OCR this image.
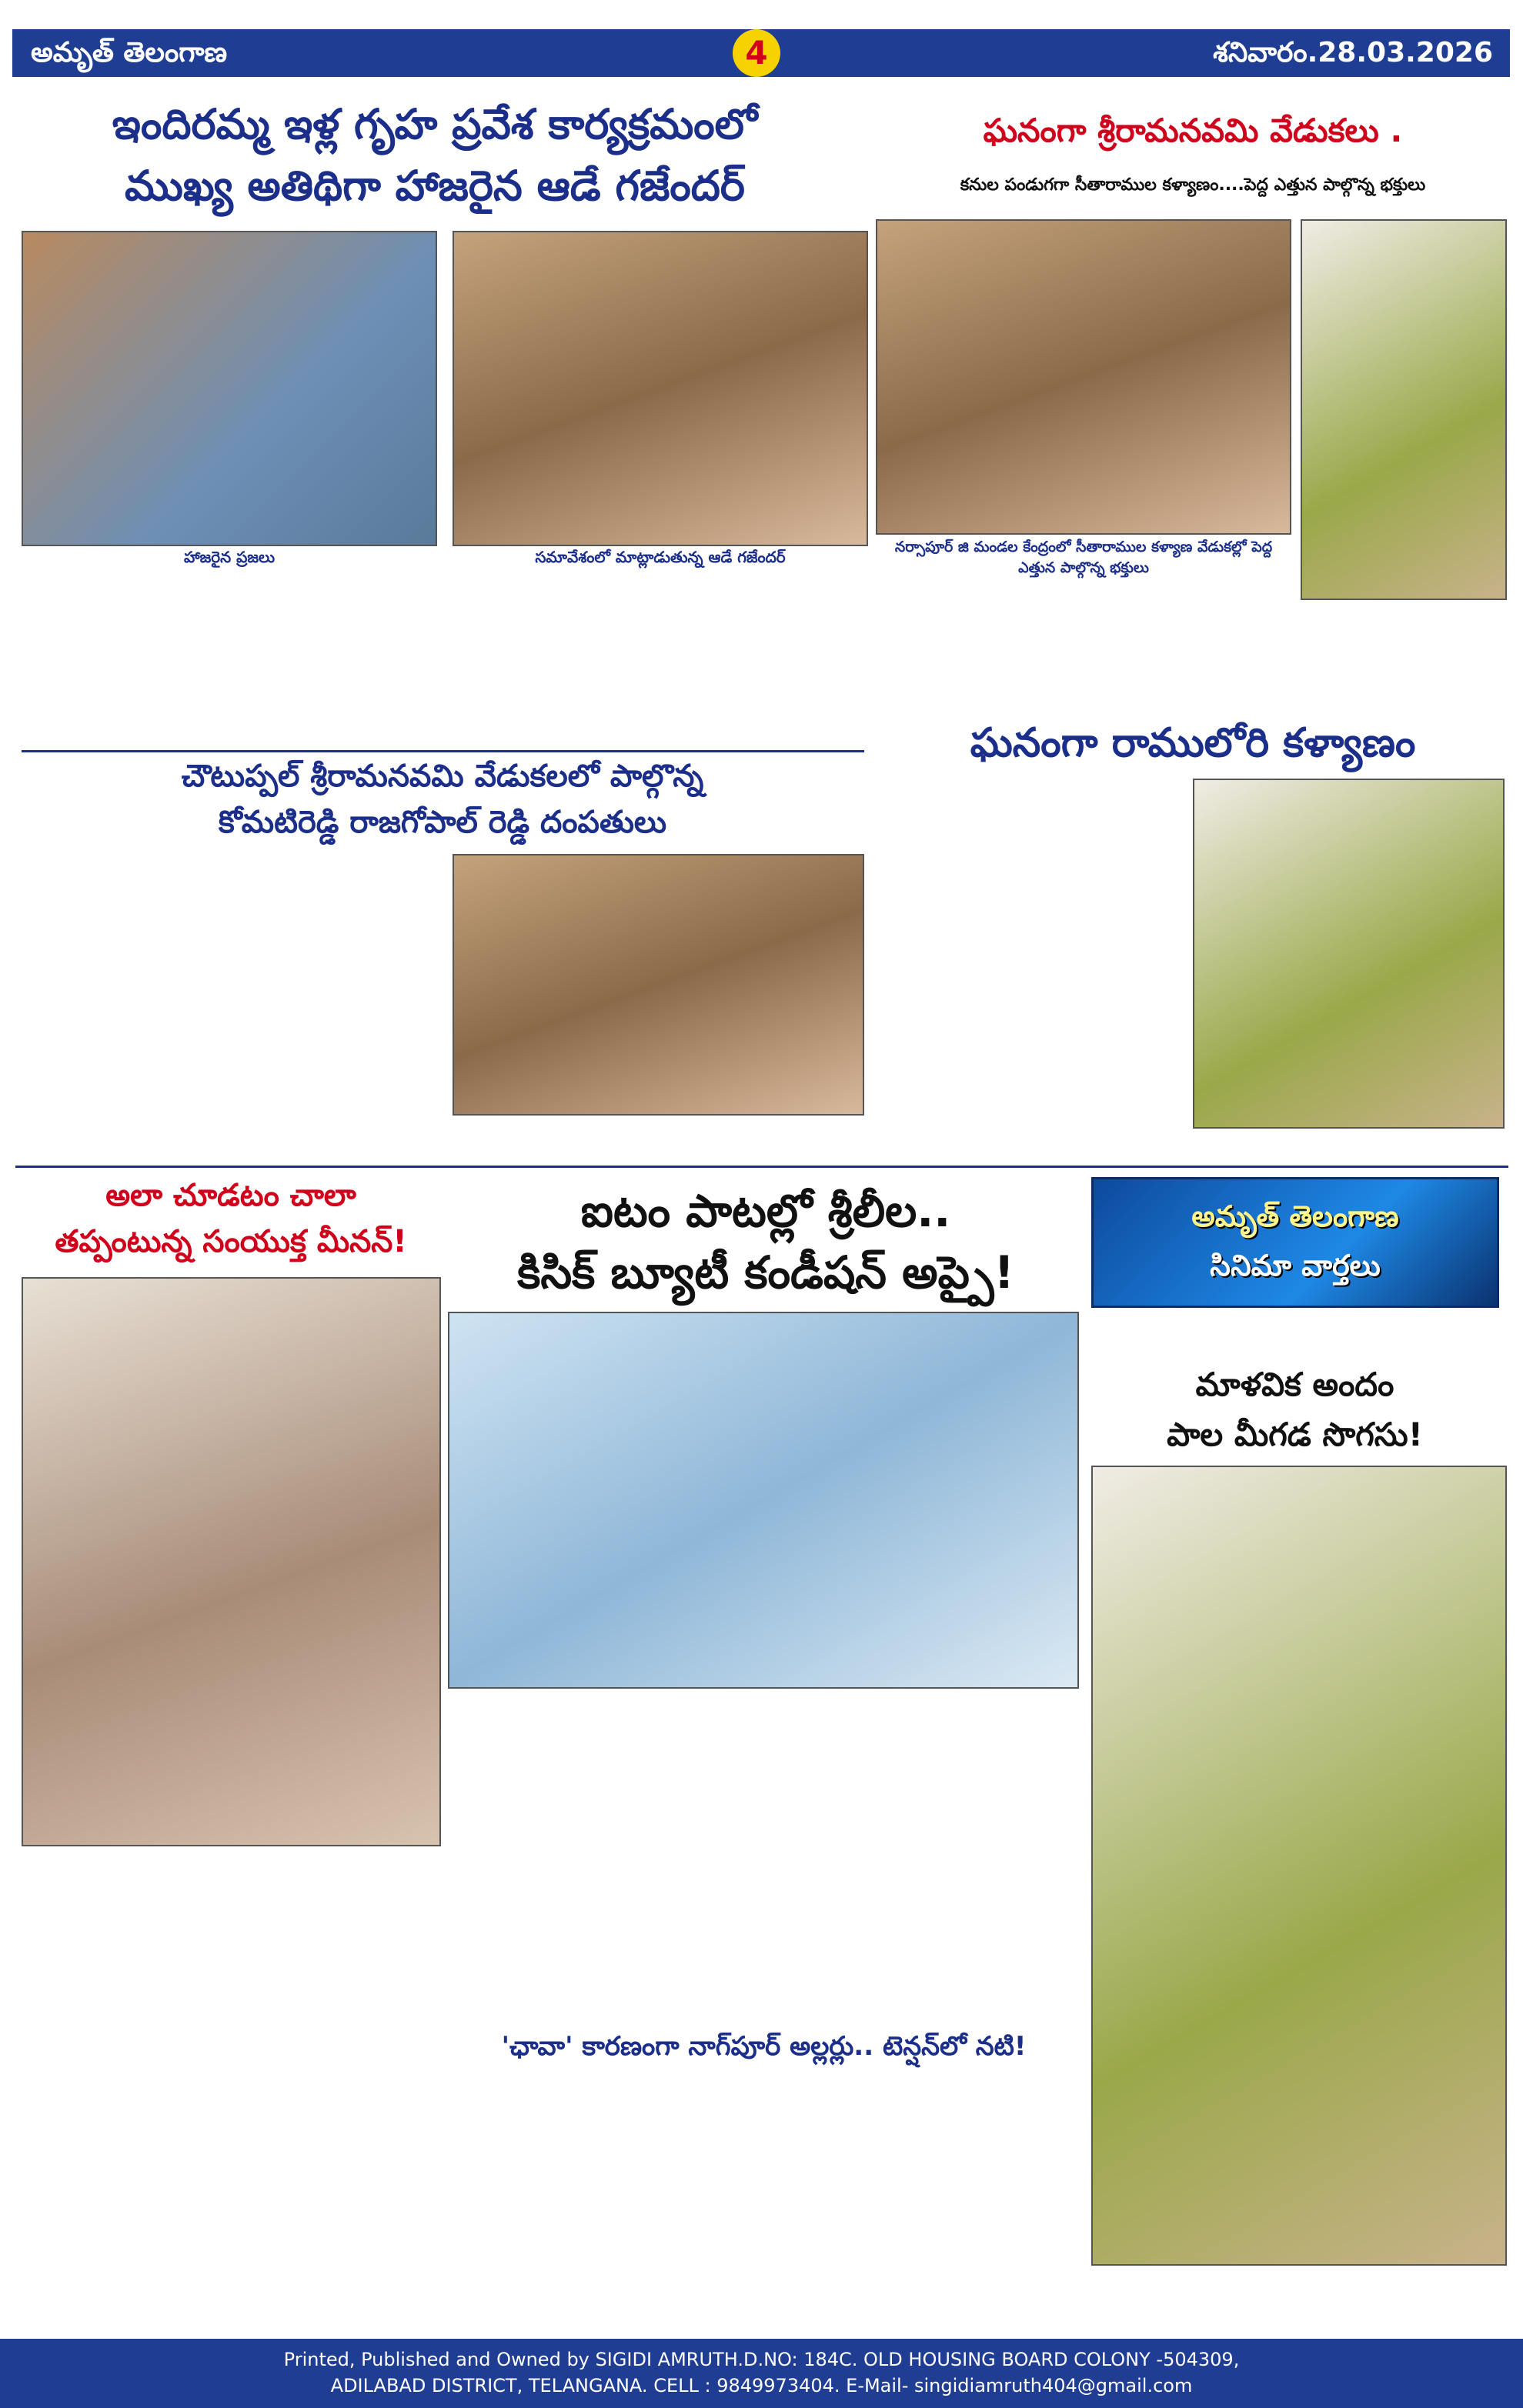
అమృత్ తెలంగాణ	4	శనివారం.28.03.2026
ఇందిరమ్మ ఇళ్ల గృహ ప్రవేశ కార్యక్రమంలో
ముఖ్య అతిథిగా హాజరైన ఆడే గజేందర్
హాజరైన ప్రజలు	సమావేశంలో మాట్లాడుతున్న ఆడే గజేందర్
ఘనంగా శ్రీరామనవమి వేడుకలు .
కనుల పండుగగా సీతారాముల కళ్యాణం....పెద్ద ఎత్తున పాల్గొన్న భక్తులు
నర్సాపూర్ జి మండల కేంద్రంలో సీతారాముల కళ్యాణ వేడుకల్లో పెద్ద ఎత్తున పాల్గొన్న భక్తులు
చౌటుప్పల్ శ్రీరామనవమి వేడుకలలో పాల్గొన్న
కోమటిరెడ్డి రాజగోపాల్ రెడ్డి దంపతులు
ఘనంగా రాములోరి కళ్యాణం
అలా చూడటం చాలా
తప్పంటున్న సంయుక్త మీనన్!
ఐటం పాటల్లో శ్రీలీల..
కిసిక్ బ్యూటీ కండీషన్ అప్పై!
'ఛావా' కారణంగా నాగ్‌పూర్ అల్లర్లు.. టెన్షన్‌లో నటి!
అమృత్ తెలంగాణ
సినిమా వార్తలు
మాళవిక అందం
పాల మీగడ సొగసు!
Printed, Published and Owned by SIGIDI AMRUTH.D.NO: 184C. OLD HOUSING BOARD COLONY -504309,
ADILABAD DISTRICT, TELANGANA. CELL : 9849973404. E-Mail- singidiamruth404@gmail.com
